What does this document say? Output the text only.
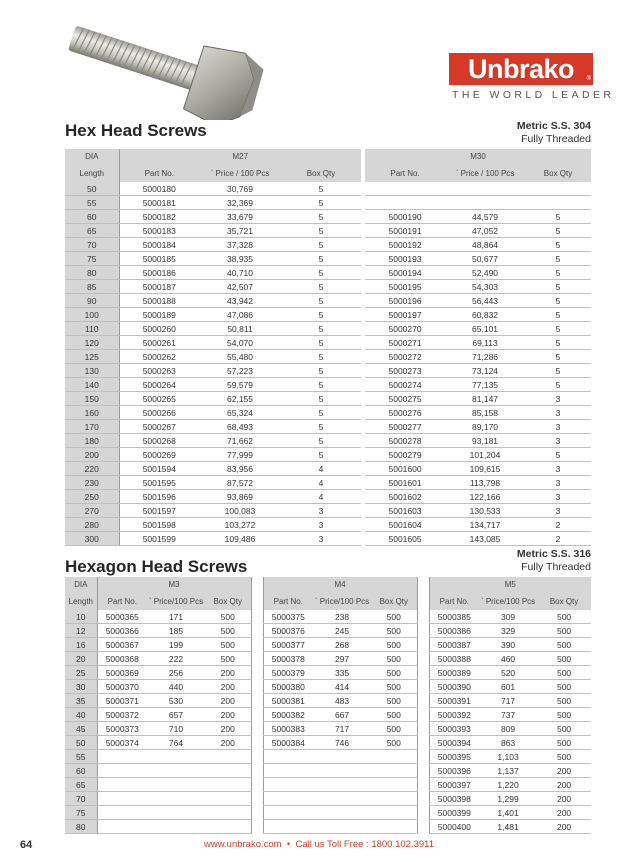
Unbrako	®
THE WORLD LEADER
Hex Head Screws	Metric S.S. 304
Fully Threaded
DIA	M27				M30		
Length	Part No.	` Price / 100 Pcs	Box Qty		Part No.	` Price / 100 Pcs	Box Qty
50	5000180	30,769	5				
55	5000181	32,369	5				
60	5000182	33,679	5		5000190	44,579	5
65	5000183	35,721	5		5000191	47,052	5
70	5000184	37,328	5		5000192	48,864	5
75	5000185	38,935	5		5000193	50,677	5
80	5000186	40,710	5		5000194	52,490	5
85	5000187	42,507	5		5000195	54,303	5
90	5000188	43,942	5		5000196	56,443	5
100	5000189	47,086	5		5000197	60,832	5
110	5000260	50,811	5		5000270	65,101	5
120	5000261	54,070	5		5000271	69,113	5
125	5000262	55,480	5		5000272	71,286	5
130	5000263	57,223	5		5000273	73,124	5
140	5000264	59,579	5		5000274	77,135	5
150	5000265	62,155	5		5000275	81,147	3
160	5000266	65,324	5		5000276	85,158	3
170	5000267	68,493	5		5000277	89,170	3
180	5000268	71,662	5		5000278	93,181	3
200	5000269	77,999	5		5000279	101,204	5
220	5001594	83,956	4		5001600	109,615	3
230	5001595	87,572	4		5001601	113,798	3
250	5001596	93,869	4		5001602	122,166	3
270	5001597	100,083	3		5001603	130,533	3
280	5001598	103,272	3		5001604	134,717	2
300	5001599	109,486	3		5001605	143,085	2
Hexagon Head Screws
Metric S.S. 316
Fully Threaded
DIA	M3				M4				M5		
Length	Part No.	` Price/100 Pcs	Box Qty		Part No.	` Price/100 Pcs	Box Qty		Part No.	` Price/100 Pcs	Box Qty
10	5000365	171	500		5000375	238	500		5000385	309	500
12	5000366	185	500		5000376	245	500		5000386	329	500
16	5000367	199	500		5000377	268	500		5000387	390	500
20	5000368	222	500		5000378	297	500		5000388	460	500
25	5000369	256	200		5000379	335	500		5000389	520	500
30	5000370	440	200		5000380	414	500		5000390	601	500
35	5000371	530	200		5000381	483	500		5000391	717	500
40	5000372	657	200		5000382	667	500		5000392	737	500
45	5000373	710	200		5000383	717	500		5000393	809	500
50	5000374	764	200		5000384	746	500		5000394	863	500
55									5000395	1,103	500
60									5000396	1,137	200
65									5000397	1,220	200
70									5000398	1,299	200
75									5000399	1,401	200
80									5000400	1,481	200
64	www.unbrako.com • Call us Toll Free : 1800.102.3911
